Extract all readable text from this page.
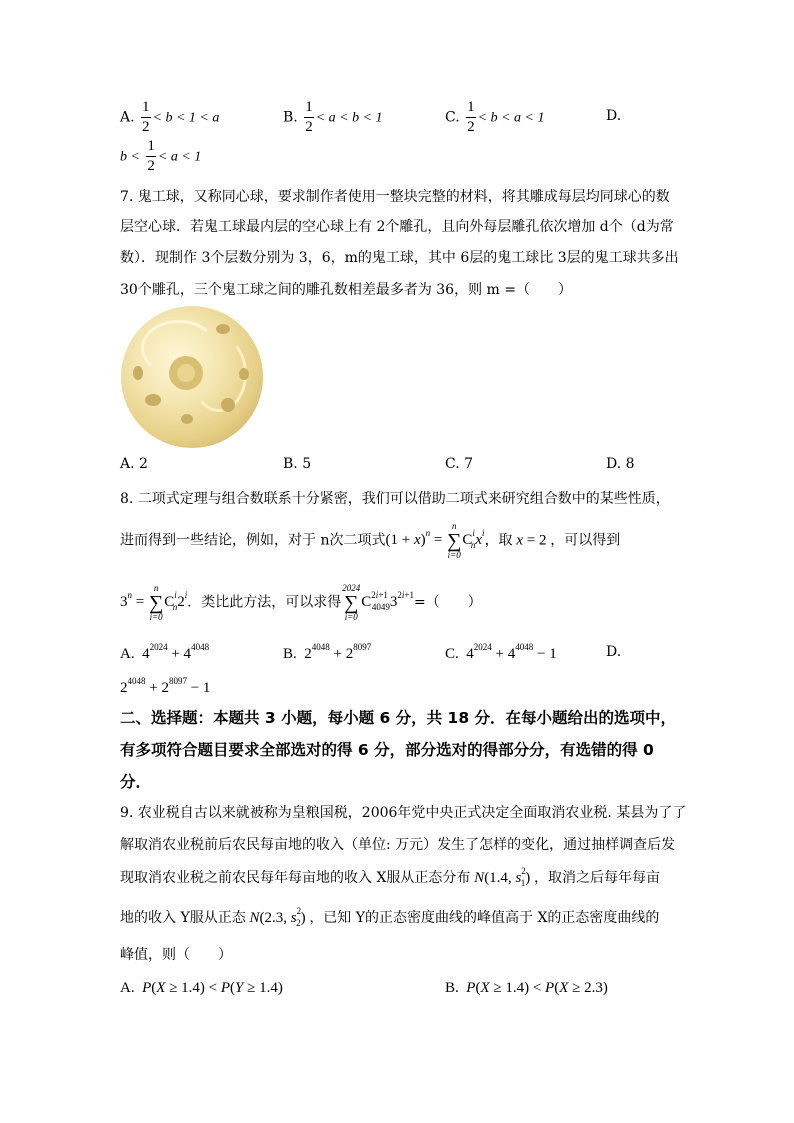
A. $\frac{1}{2} < b < 1 < a$	B. $\frac{1}{2} < a < b < 1$	C. $\frac{1}{2} < b < a < 1$	D.
$b < \frac{1}{2} < a < 1$
7. 鬼工球，又称同心球，要求制作者使用一整块完整的材料，将其雕成每层均同球心的数
层空心球．若鬼工球最内层的空心球上有 2个雕孔，且向外每层雕孔依次增加 d个（d为常
数）．现制作 3个层数分别为 3，6，m的鬼工球，其中 6层的鬼工球比 3层的鬼工球共多出
30个雕孔，三个鬼工球之间的雕孔数相差最多者为 36，则 m =（　　）
A. 2	B. 5	C. 7	D. 8
8. 二项式定理与组合数联系十分紧密，我们可以借助二项式来研究组合数中的某些性质，
进而得到一些结论，例如，对于 n次二项式$(1 + x)^n$ =
n
∑
i=0
$C^i_nx^i$，取 x = 2 ，可以得到
$3^n$ =
n
∑
i=0
$C^i_n2^i$．类比此方法，可以求得
2024
∑
i=0
$C^{2i+1}_{4049}3^{2i+1}=$（　　）
A.  $4^{2024} + 4^{4048}$	B.  $2^{4048} + 2^{8097}$	C.  $4^{2024} + 4^{4048} - 1$	D.
$2^{4048} + 2^{8097} - 1$
二、选择题：本题共 3 小题，每小题 6 分，共 18 分．在每小题给出的选项中，
有多项符合题目要求全部选对的得 6 分，部分选对的得部分分，有选错的得 0
分．
9. 农业税自古以来就被称为皇粮国税，2006年党中央正式决定全面取消农业税. 某县为了了
解取消农业税前后农民每亩地的收入（单位: 万元）发生了怎样的变化，通过抽样调查后发
现取消农业税之前农民每年每亩地的收入 X服从正态分布 N(1.4, $s^2_1$) ，取消之后每年每亩
地的收入 Y服从正态 N(2.3, $s^2_2$) ，已知 Y的正态密度曲线的峰值高于 X的正态密度曲线的
峰值，则（　　）
A. P(X ≥ 1.4) < P(Y ≥ 1.4)	B. P(X ≥ 1.4) < P(X ≥ 2.3)
